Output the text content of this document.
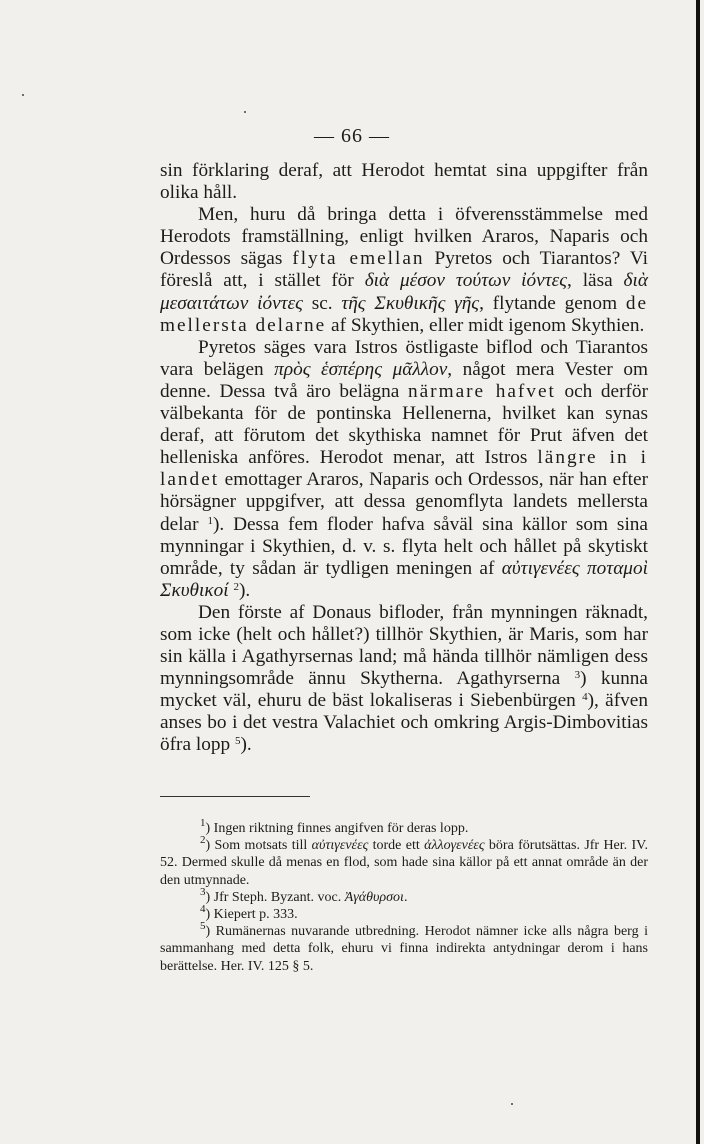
— 66 —

sin förklaring deraf, att Herodot hemtat sina uppgifter från olika håll.

Men, huru då bringa detta i öfverensstämmelse med Herodots framställning, enligt hvilken Araros, Naparis och Ordessos sägas flyta emellan Pyretos och Tiarantos? Vi föreslå att, i stället för διὰ μέσον τούτων ἰόντες, läsa διὰ μεσαιτάτων ἰόντες sc. τῆς Σκυθικῆς γῆς, flytande genom de mellersta delarne af Skythien, eller midt igenom Skythien.

Pyretos säges vara Istros östligaste biflod och Tiarantos vara belägen πρὸς ἑσπέρης μᾶλλον, något mera Vester om denne. Dessa två äro belägna närmare hafvet och derför välbekanta för de pontinska Hellenerna, hvilket kan synas deraf, att förutom det skythiska namnet för Prut äfven det helleniska anföres. Herodot menar, att Istros längre in i landet emottager Araros, Naparis och Ordessos, när han efter hörsägner uppgifver, att dessa genomflyta landets mellersta delar $^1$). Dessa fem floder hafva såväl sina källor som sina mynningar i Skythien, d. v. s. flyta helt och hållet på skytiskt område, ty sådan är tydligen meningen af αὐτιγενέες ποταμοὶ Σκυθικοί $^2$).

Den förste af Donaus bifloder, från mynningen räknadt, som icke (helt och hållet?) tillhör Skythien, är Maris, som har sin källa i Agathyrsernas land; må hända tillhör nämligen dess mynningsområde ännu Skytherna. Agathyrserna $^3$) kunna mycket väl, ehuru de bäst lokaliseras i Siebenbürgen $^4$), äfven anses bo i det vestra Valachiet och omkring Argis-Dimbovitias öfra lopp $^5$).

$^1$) Ingen riktning finnes angifven för deras lopp.

$^2$) Som motsats till αὐτιγενέες torde ett ἀλλογενέες böra förutsättas. Jfr Her. IV. 52. Dermed skulle då menas en flod, som hade sina källor på ett annat område än der den utmynnade.

$^3$) Jfr Steph. Byzant. voc. Ἀγάθυρσοι.

$^4$) Kiepert p. 333.

$^5$) Rumänernas nuvarande utbredning. Herodot nämner icke alls några berg i sammanhang med detta folk, ehuru vi finna indirekta antydningar derom i hans berättelse. Her. IV. 125 § 5.
